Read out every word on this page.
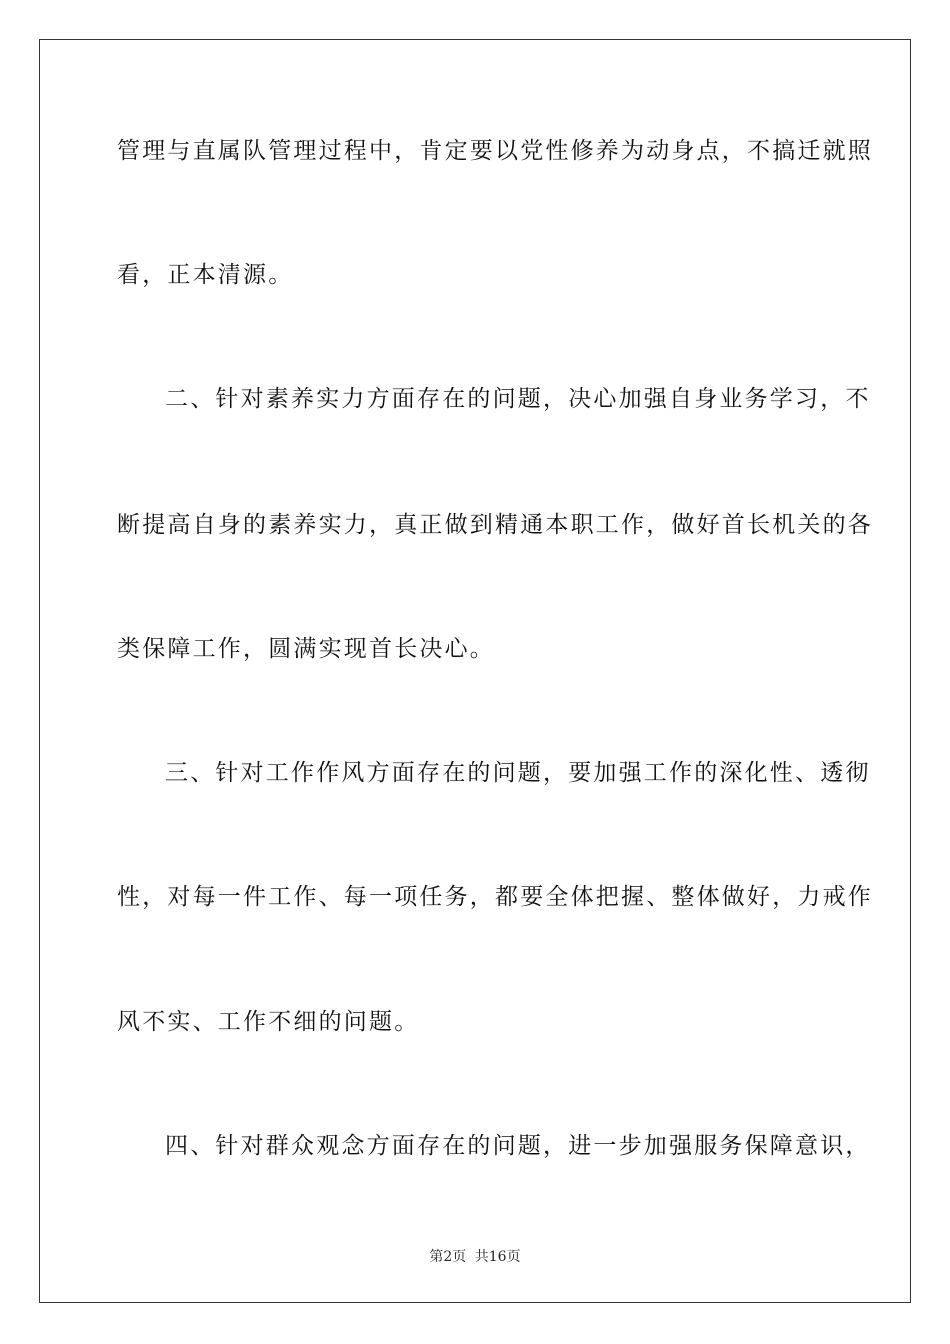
管理与直属队管理过程中，肯定要以党性修养为动身点，不搞迁就照
看，正本清源。
二、针对素养实力方面存在的问题，决心加强自身业务学习，不
断提高自身的素养实力，真正做到精通本职工作，做好首长机关的各
类保障工作，圆满实现首长决心。
三、针对工作作风方面存在的问题，要加强工作的深化性、透彻
性，对每一件工作、每一项任务，都要全体把握、整体做好，力戒作
风不实、工作不细的问题。
四、针对群众观念方面存在的问题，进一步加强服务保障意识，
第2页 共16页
